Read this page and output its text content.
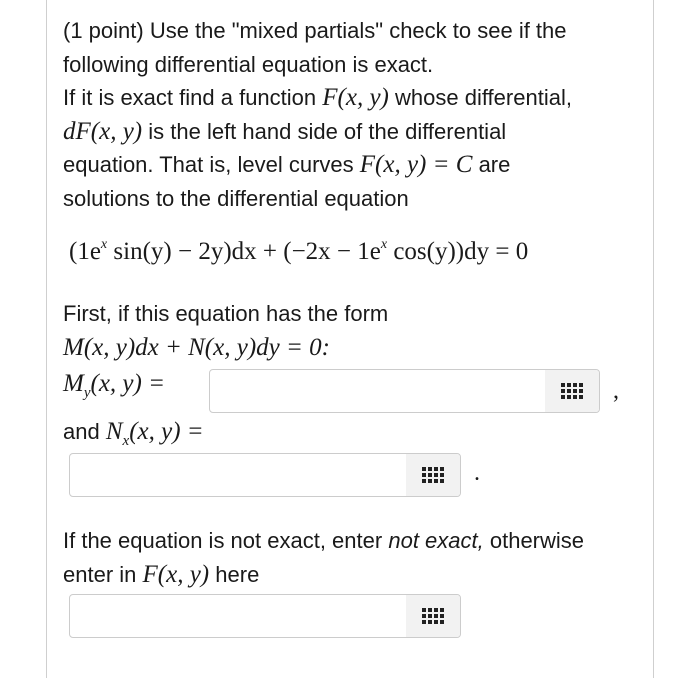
(1 point) Use the "mixed partials" check to see if the
following differential equation is exact.
If it is exact find a function F(x, y) whose differential,
dF(x, y) is the left hand side of the differential
equation. That is, level curves F(x, y) = C are
solutions to the differential equation
($1e^x$ $\sin(y) - 2y)dx + (-2x - 1e^x$ cos(y))dy = 0
First, if this equation has the form
M(x, y)dx + N(x, y)dy = 0:
$M_y(x$, y) =
and $N_x(x$, y) =
,
.
If the equation is not exact, enter not exact, otherwise
enter in F(x, y) here
